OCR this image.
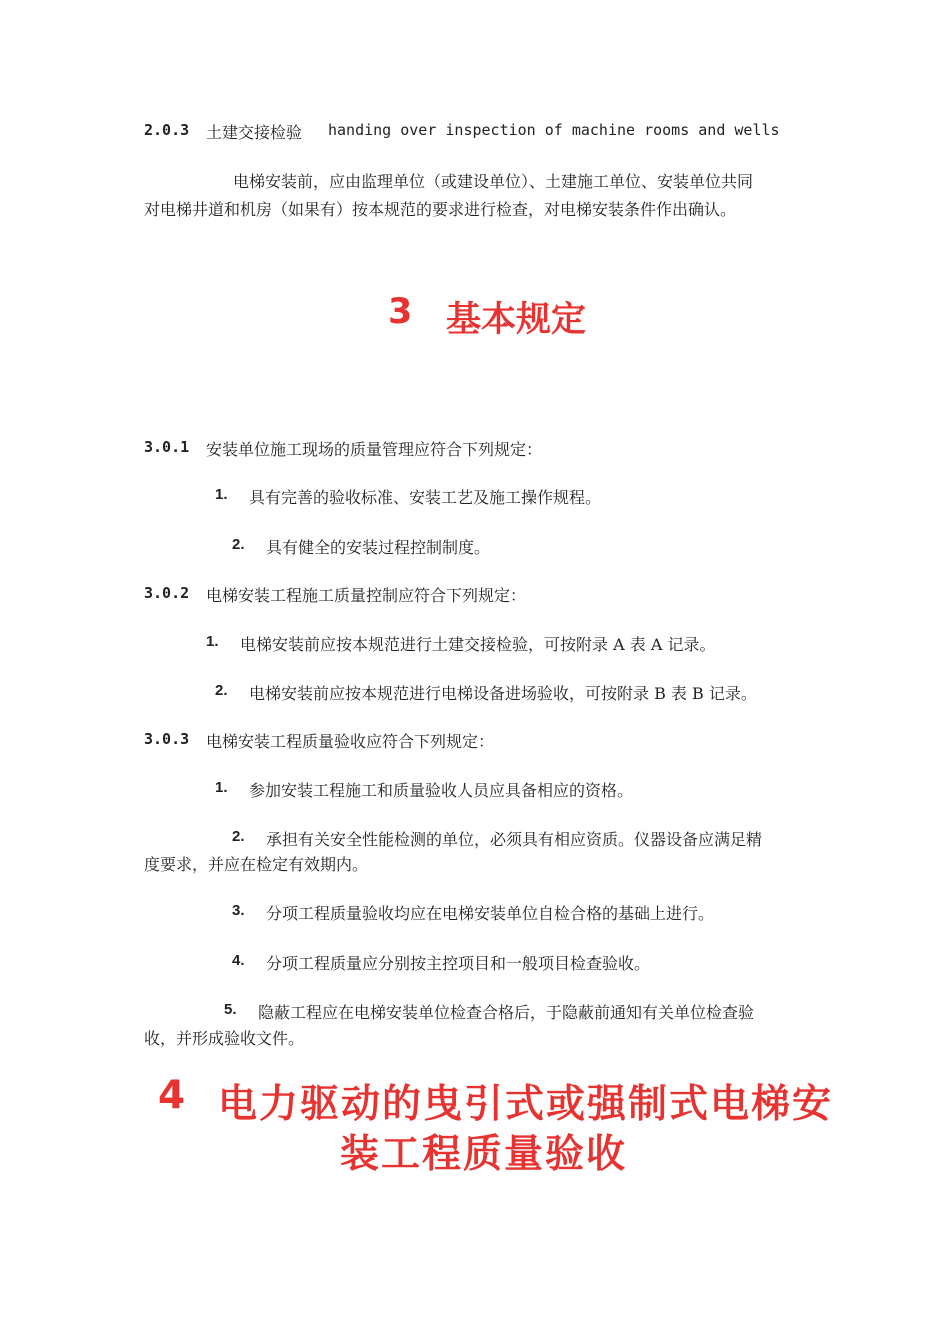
2.0.3 土建交接检验 handing over inspection of machine rooms and wells
电梯安装前，应由监理单位（或建设单位）、土建施工单位、安装单位共同
对电梯井道和机房（如果有）按本规范的要求进行检查，对电梯安装条件作出确认。
3 基本规定
3.0.1 安装单位施工现场的质量管理应符合下列规定：
1. 具有完善的验收标准、安装工艺及施工操作规程。
2. 具有健全的安装过程控制制度。
3.0.2 电梯安装工程施工质量控制应符合下列规定：
1. 电梯安装前应按本规范进行土建交接检验，可按附录 A 表 A 记录。
2. 电梯安装前应按本规范进行电梯设备进场验收，可按附录 B 表 B 记录。
3.0.3 电梯安装工程质量验收应符合下列规定：
1. 参加安装工程施工和质量验收人员应具备相应的资格。
2. 承担有关安全性能检测的单位，必须具有相应资质。仪器设备应满足精
度要求，并应在检定有效期内。
3. 分项工程质量验收均应在电梯安装单位自检合格的基础上进行。
4. 分项工程质量应分别按主控项目和一般项目检查验收。
5. 隐蔽工程应在电梯安装单位检查合格后，于隐蔽前通知有关单位检查验
收，并形成验收文件。
4 电力驱动的曳引式或强制式电梯安
装工程质量验收
